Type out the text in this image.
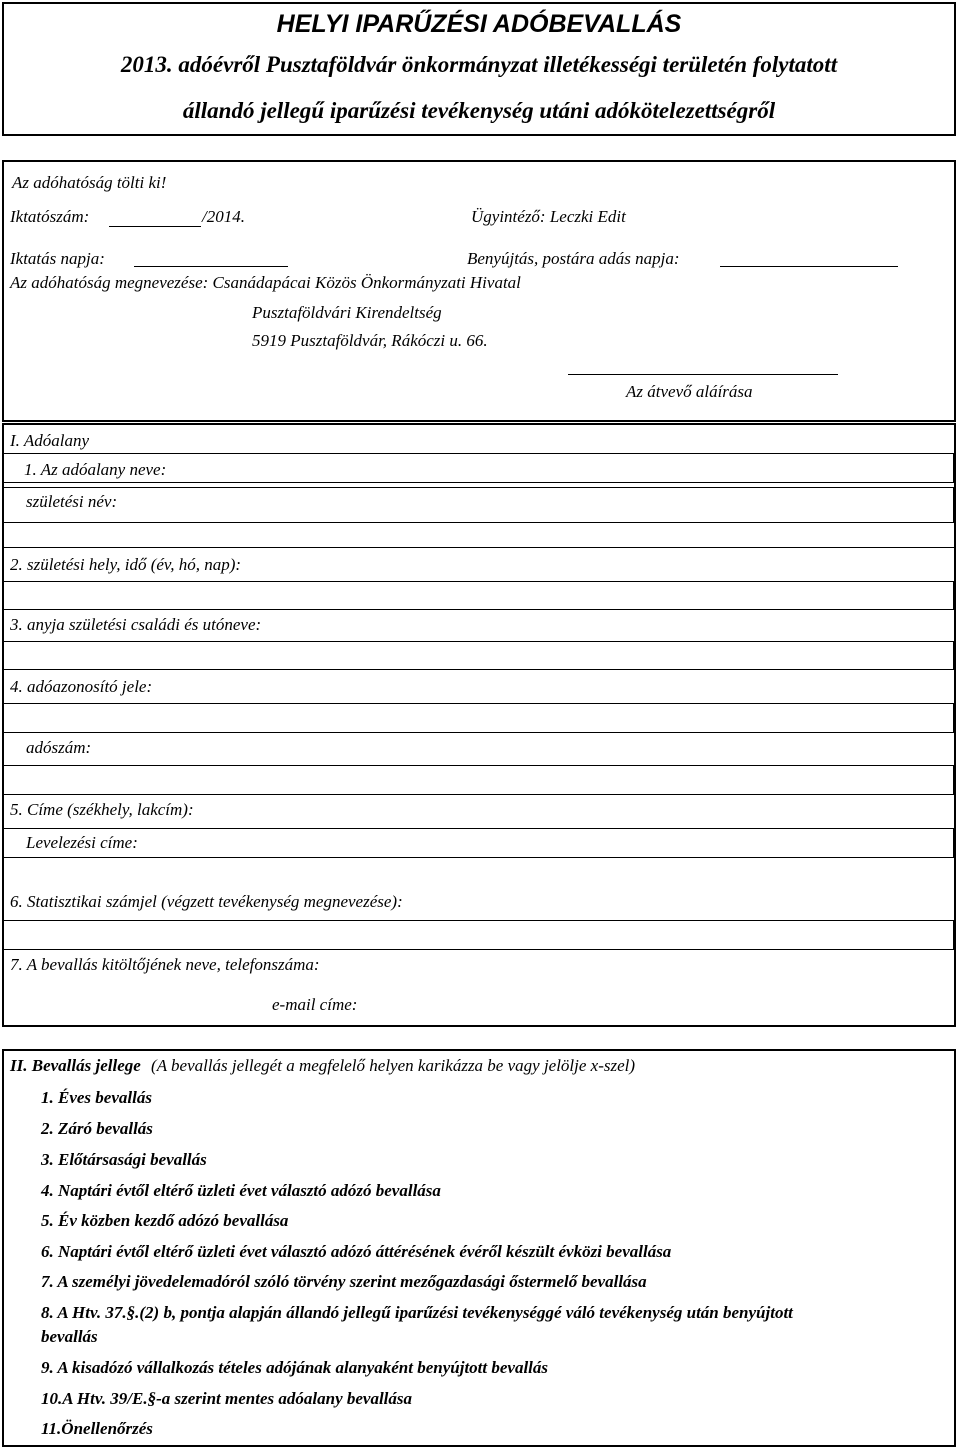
HELYI IPARŰZÉSI ADÓBEVALLÁS
2013. adóévről Pusztaföldvár önkormányzat illetékességi területén folytatott
állandó jellegű iparűzési tevékenység utáni adókötelezettségről
Az adóhatóság tölti ki!
Iktatószám:	/2014.	Ügyintéző: Leczki Edit
Iktatás napja:	Benyújtás, postára adás napja:
Az adóhatóság megnevezése: Csanádapácai Közös Önkormányzati Hivatal
Pusztaföldvári Kirendeltség
5919 Pusztaföldvár, Rákóczi u. 66.
Az átvevő aláírása
I. Adóalany
1. Az adóalany neve:
születési név:
2. születési hely, idő (év, hó, nap):
3. anyja születési családi és utóneve:
4. adóazonosító jele:
adószám:
5. Címe (székhely, lakcím):
Levelezési címe:
6. Statisztikai számjel (végzett tevékenység megnevezése):
7. A bevallás kitöltőjének neve, telefonszáma:
e-mail címe:
II. Bevallás jellege (A bevallás jellegét a megfelelő helyen karikázza be vagy jelölje x-szel)
1. Éves bevallás
2. Záró bevallás
3. Előtársasági bevallás
4. Naptári évtől eltérő üzleti évet választó adózó bevallása
5. Év közben kezdő adózó bevallása
6. Naptári évtől eltérő üzleti évet választó adózó áttérésének évéről készült évközi bevallása
7. A személyi jövedelemadóról szóló törvény szerint mezőgazdasági őstermelő bevallása
8. A Htv. 37.§.(2) b, pontja alapján állandó jellegű iparűzési tevékenységgé váló tevékenység után benyújtott
bevallás
9. A kisadózó vállalkozás tételes adójának alanyaként benyújtott bevallás
10.A Htv. 39/E.§-a szerint mentes adóalany bevallása
11.Önellenőrzés
